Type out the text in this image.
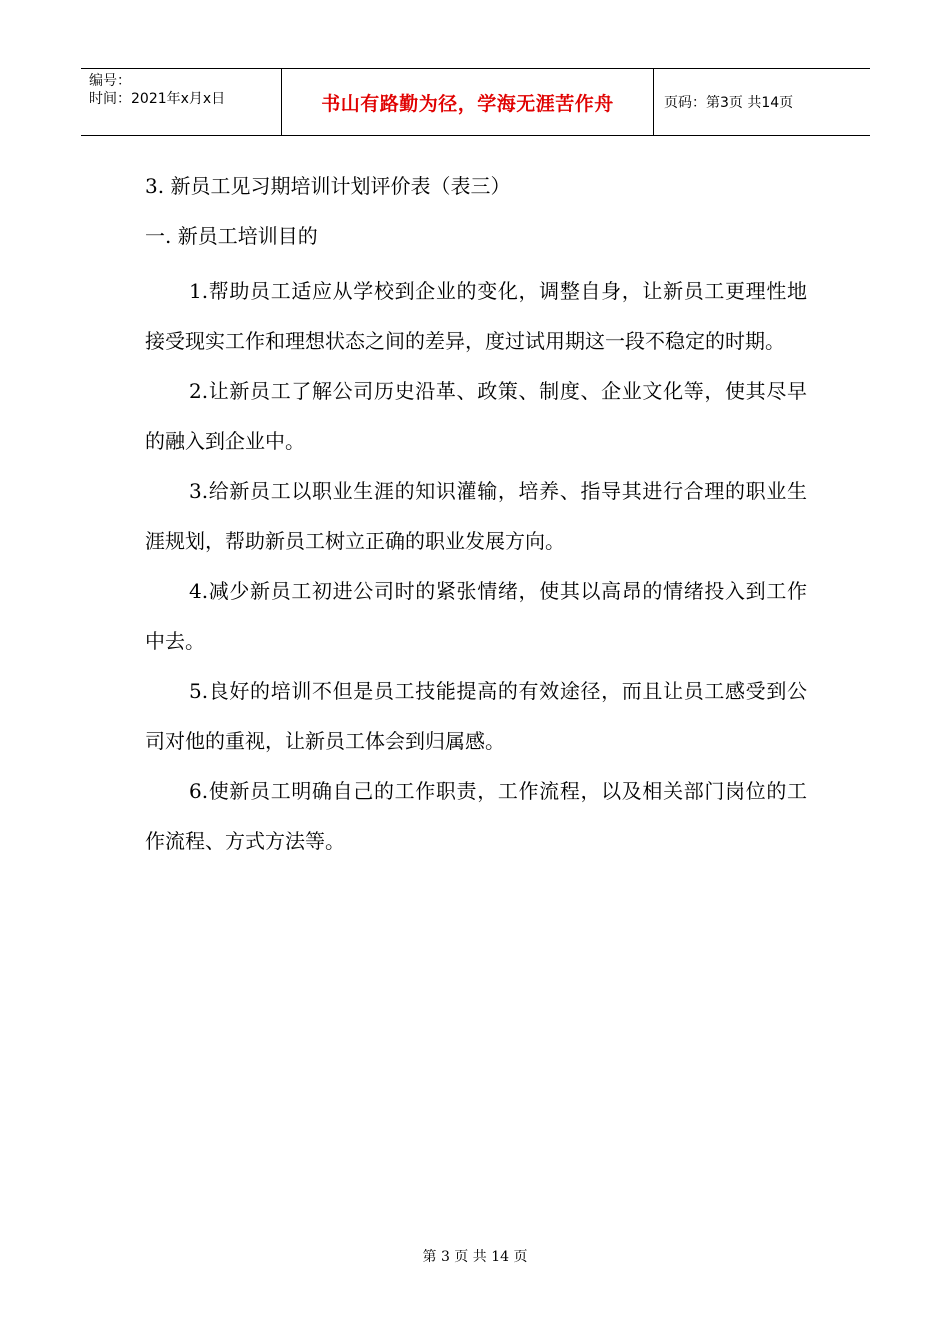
编号：
时间：2021年x月x日	书山有路勤为径，学海无涯苦作舟	页码：第3页 共14页
3. 新员工见习期培训计划评价表（表三）
一. 新员工培训目的

1.帮助员工适应从学校到企业的变化，调整自身，让新员工更理性地接受现实工作和理想状态之间的差异，度过试用期这一段不稳定的时期。

2.让新员工了解公司历史沿革、政策、制度、企业文化等，使其尽早的融入到企业中。

3.给新员工以职业生涯的知识灌输，培养、指导其进行合理的职业生涯规划，帮助新员工树立正确的职业发展方向。

4.减少新员工初进公司时的紧张情绪，使其以高昂的情绪投入到工作中去。

5.良好的培训不但是员工技能提高的有效途径，而且让员工感受到公司对他的重视，让新员工体会到归属感。

6.使新员工明确自己的工作职责，工作流程，以及相关部门岗位的工作流程、方式方法等。

第 3 页 共 14 页
